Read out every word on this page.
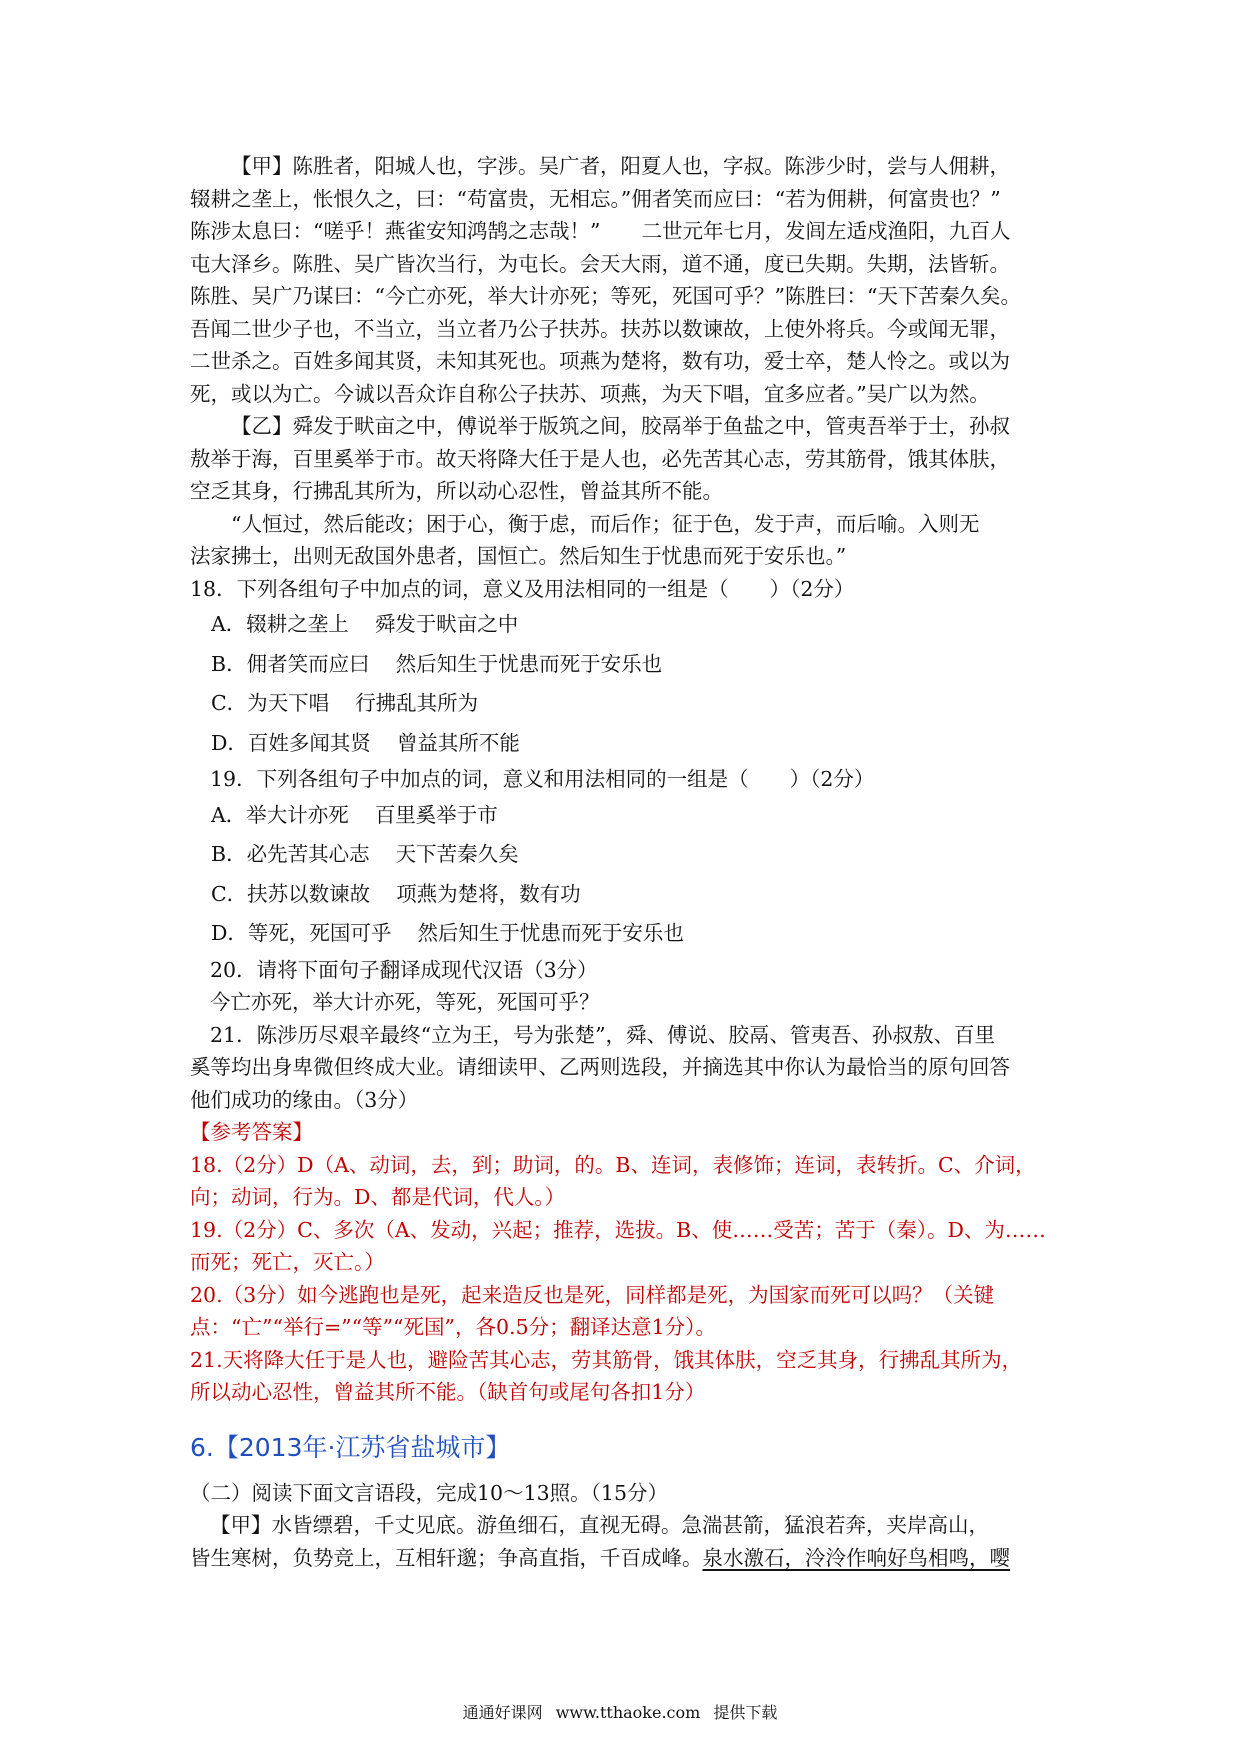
【甲】陈胜者，阳城人也，字涉。吴广者，阳夏人也，字叔。陈涉少时，尝与人佣耕，
辍耕之垄上，怅恨久之，曰：“苟富贵，无相忘。”佣者笑而应曰：“若为佣耕，何富贵也？”
陈涉太息曰：“嗟乎！燕雀安知鸿鹄之志哉！”　　二世元年七月，发闾左适戍渔阳，九百人
屯大泽乡。陈胜、吴广皆次当行，为屯长。会天大雨，道不通，度已失期。失期，法皆斩。
陈胜、吴广乃谋曰：“今亡亦死，举大计亦死；等死，死国可乎？”陈胜曰：“天下苦秦久矣。
吾闻二世少子也，不当立，当立者乃公子扶苏。扶苏以数谏故，上使外将兵。今或闻无罪，
二世杀之。百姓多闻其贤，未知其死也。项燕为楚将，数有功，爱士卒，楚人怜之。或以为
死，或以为亡。今诚以吾众诈自称公子扶苏、项燕，为天下唱，宜多应者。”吴广以为然。
【乙】舜发于畎亩之中，傅说举于版筑之间，胶鬲举于鱼盐之中，管夷吾举于士，孙叔
敖举于海，百里奚举于市。故天将降大任于是人也，必先苦其心志，劳其筋骨，饿其体肤，
空乏其身，行拂乱其所为，所以动心忍性，曾益其所不能。
“人恒过，然后能改；困于心，衡于虑，而后作；征于色，发于声，而后喻。入则无
法家拂士，出则无敌国外患者，国恒亡。然后知生于忧患而死于安乐也。”
18．下列各组句子中加点的词，意义及用法相同的一组是（　　）（2分）
A．辍耕之垄上 舜发于畎亩之中
B．佣者笑而应曰 然后知生于忧患而死于安乐也
C．为天下唱 行拂乱其所为
D．百姓多闻其贤 曾益其所不能
19．下列各组句子中加点的词，意义和用法相同的一组是（　　）（2分）
A．举大计亦死 百里奚举于市
B．必先苦其心志 天下苦秦久矣
C．扶苏以数谏故 项燕为楚将，数有功
D．等死，死国可乎 然后知生于忧患而死于安乐也
20．请将下面句子翻译成现代汉语（3分）
今亡亦死，举大计亦死，等死，死国可乎？
21．陈涉历尽艰辛最终“立为王，号为张楚”，舜、傅说、胶鬲、管夷吾、孙叔敖、百里
奚等均出身卑微但终成大业。请细读甲、乙两则选段，并摘选其中你认为最恰当的原句回答
他们成功的缘由。（3分）
【参考答案】
18.（2分）D（A、动词，去，到；助词，的。B、连词，表修饰；连词，表转折。C、介词，
向；动词，行为。D、都是代词，代人。）
19.（2分）C、多次（A、发动，兴起；推荐，选拔。B、使……受苦；苦于（秦）。D、为……
而死；死亡，灭亡。）
20.（3分）如今逃跑也是死，起来造反也是死，同样都是死，为国家而死可以吗？（关键
点：“亡”“举行=”“等”“死国”，各0.5分；翻译达意1分）。
21.天将降大任于是人也，避险苦其心志，劳其筋骨，饿其体肤，空乏其身，行拂乱其所为，
所以动心忍性，曾益其所不能。（缺首句或尾句各扣1分）
6.【2013年·江苏省盐城市】
（二）阅读下面文言语段，完成10～13照。（15分）
【甲】水皆缥碧，千丈见底。游鱼细石，直视无碍。急湍甚箭，猛浪若奔，夹岸高山，
皆生寒树，负势竞上，互相轩邈；争高直指，千百成峰。泉水激石，泠泠作响好鸟相鸣，嘤
通通好课网 www.tthaoke.com 提供下载
